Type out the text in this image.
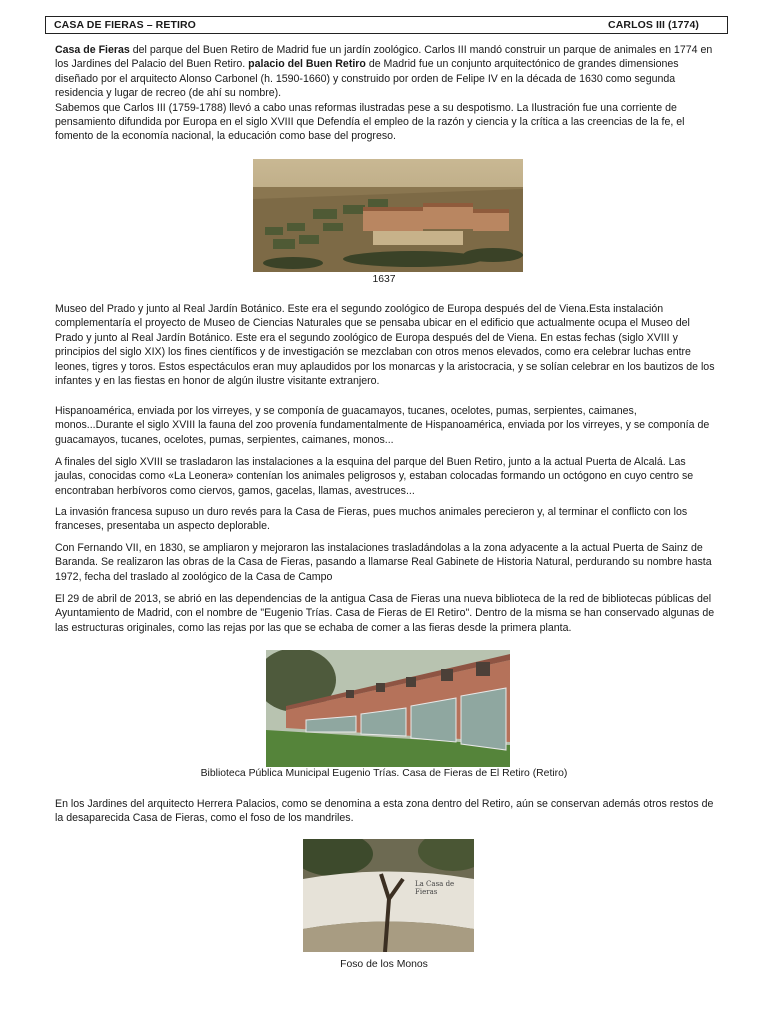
CASA DE FIERAS – RETIRO	CARLOS III (1774)

Casa de Fieras del parque del Buen Retiro de Madrid fue un jardín zoológico. Carlos III mandó construir un parque de animales en 1774 en los Jardines del Palacio del Buen Retiro. palacio del Buen Retiro de Madrid fue un conjunto arquitectónico de grandes dimensiones diseñado por el arquitecto Alonso Carbonel (h. 1590-1660) y construido por orden de Felipe IV en la década de 1630 como segunda residencia y lugar de recreo (de ahí su nombre).
Sabemos que Carlos III (1759-1788) llevó a cabo unas reformas ilustradas pese a su despotismo. La Ilustración fue una corriente de pensamiento difundida por Europa en el siglo XVIII que Defendía el empleo de la razón y ciencia y la crítica a las creencias de la fe, el fomento de la economía nacional, la educación como base del progreso.

1637

Museo del Prado y junto al Real Jardín Botánico. Este era el segundo zoológico de Europa después del de Viena.Esta instalación complementaría el proyecto de Museo de Ciencias Naturales que se pensaba ubicar en el edificio que actualmente ocupa el Museo del Prado y junto al Real Jardín Botánico. Este era el segundo zoológico de Europa después del de Viena. En estas fechas (siglo XVIII y principios del siglo XIX) los fines científicos y de investigación se mezclaban con otros menos elevados, como era celebrar luchas entre leones, tigres y toros. Estos espectáculos eran muy aplaudidos por los monarcas y la aristocracia, y se solían celebrar en los bautizos de los infantes y en las fiestas en honor de algún ilustre visitante extranjero.

Hispanoamérica, enviada por los virreyes, y se componía de guacamayos, tucanes, ocelotes, pumas, serpientes, caimanes, monos...Durante el siglo XVIII la fauna del zoo provenía fundamentalmente de Hispanoamérica, enviada por los virreyes, y se componía de guacamayos, tucanes, ocelotes, pumas, serpientes, caimanes, monos...

A finales del siglo XVIII se trasladaron las instalaciones a la esquina del parque del Buen Retiro, junto a la actual Puerta de Alcalá. Las jaulas, conocidas como «La Leonera» contenían los animales peligrosos y, estaban colocadas formando un octógono en cuyo centro se encontraban herbívoros como ciervos, gamos, gacelas, llamas, avestruces...

La invasión francesa supuso un duro revés para la Casa de Fieras, pues muchos animales perecieron y, al terminar el conflicto con los franceses, presentaba un aspecto deplorable.

Con Fernando VII, en 1830, se ampliaron y mejoraron las instalaciones trasladándolas a la zona adyacente a la actual Puerta de Sainz de Baranda. Se realizaron las obras de la Casa de Fieras, pasando a llamarse Real Gabinete de Historia Natural, perdurando su nombre hasta 1972, fecha del traslado al zoológico de la Casa de Campo

El 29 de abril de 2013, se abrió en las dependencias de la antigua Casa de Fieras una nueva biblioteca de la red de bibliotecas públicas del Ayuntamiento de Madrid, con el nombre de "Eugenio Trías. Casa de Fieras de El Retiro". Dentro de la misma se han conservado algunas de las estructuras originales, como las rejas por las que se echaba de comer a las fieras desde la primera planta.

Biblioteca Pública Municipal Eugenio Trías. Casa de Fieras de El Retiro (Retiro)

En los Jardines del arquitecto Herrera Palacios, como se denomina a esta zona dentro del Retiro, aún se conservan además otros restos de la desaparecida Casa de Fieras, como el foso de los mandriles.

La Casa de Fieras
Foso de los Monos
